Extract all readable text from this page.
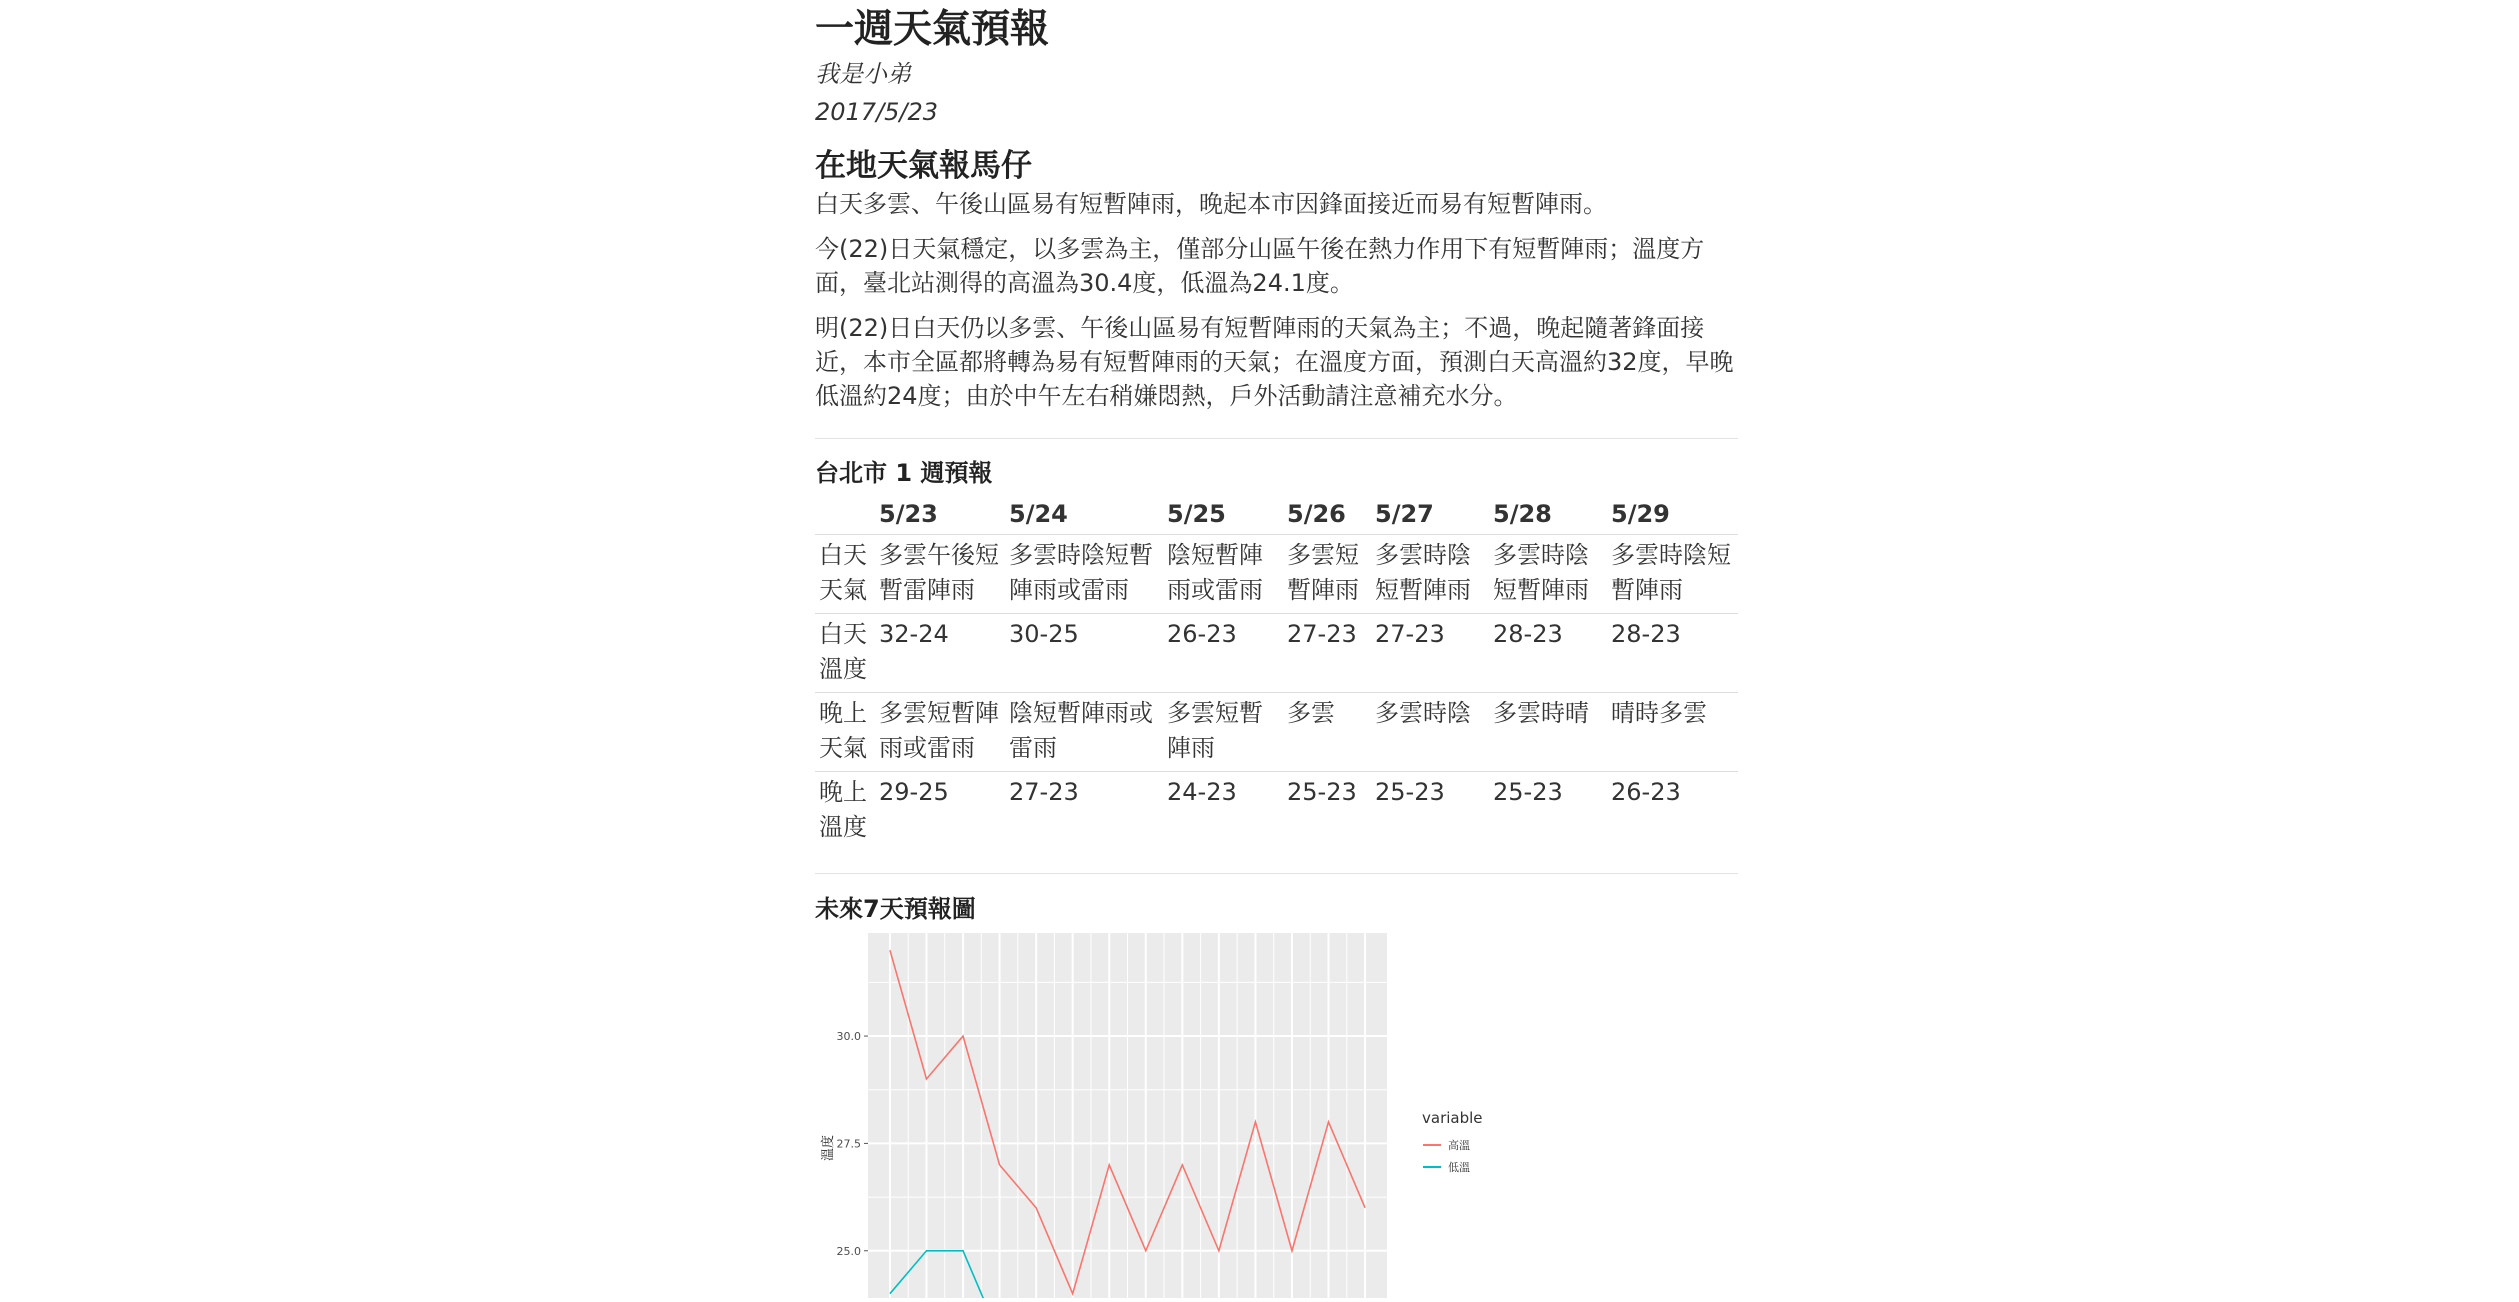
一週天氣預報
我是小弟
2017/5/23
在地天氣報馬仔

白天多雲、午後山區易有短暫陣雨，晚起本市因鋒面接近而易有短暫陣雨。

今(22)日天氣穩定，以多雲為主，僅部分山區午後在熱力作用下有短暫陣雨；溫度方面，臺北站測得的高溫為30.4度，低溫為24.1度。

明(22)日白天仍以多雲、午後山區易有短暫陣雨的天氣為主；不過，晚起隨著鋒面接近，本市全區都將轉為易有短暫陣雨的天氣；在溫度方面，預測白天高溫約32度，早晚低溫約24度；由於中午左右稍嫌悶熱，戶外活動請注意補充水分。

台北市 1 週預報
	5/23	5/24	5/25	5/26	5/27	5/28	5/29
白天天氣	多雲午後短暫雷陣雨	多雲時陰短暫陣雨或雷雨	陰短暫陣雨或雷雨	多雲短暫陣雨	多雲時陰短暫陣雨	多雲時陰短暫陣雨	多雲時陰短暫陣雨
白天溫度	32-24	30-25	26-23	27-23	27-23	28-23	28-23
晚上天氣	多雲短暫陣雨或雷雨	陰短暫陣雨或雷雨	多雲短暫陣雨	多雲	多雲時陰	多雲時晴	晴時多雲
晚上溫度	29-25	27-23	24-23	25-23	25-23	25-23	26-23
未來7天預報圖
溫度
variable
25.0
27.5
30.0
高溫
低溫
